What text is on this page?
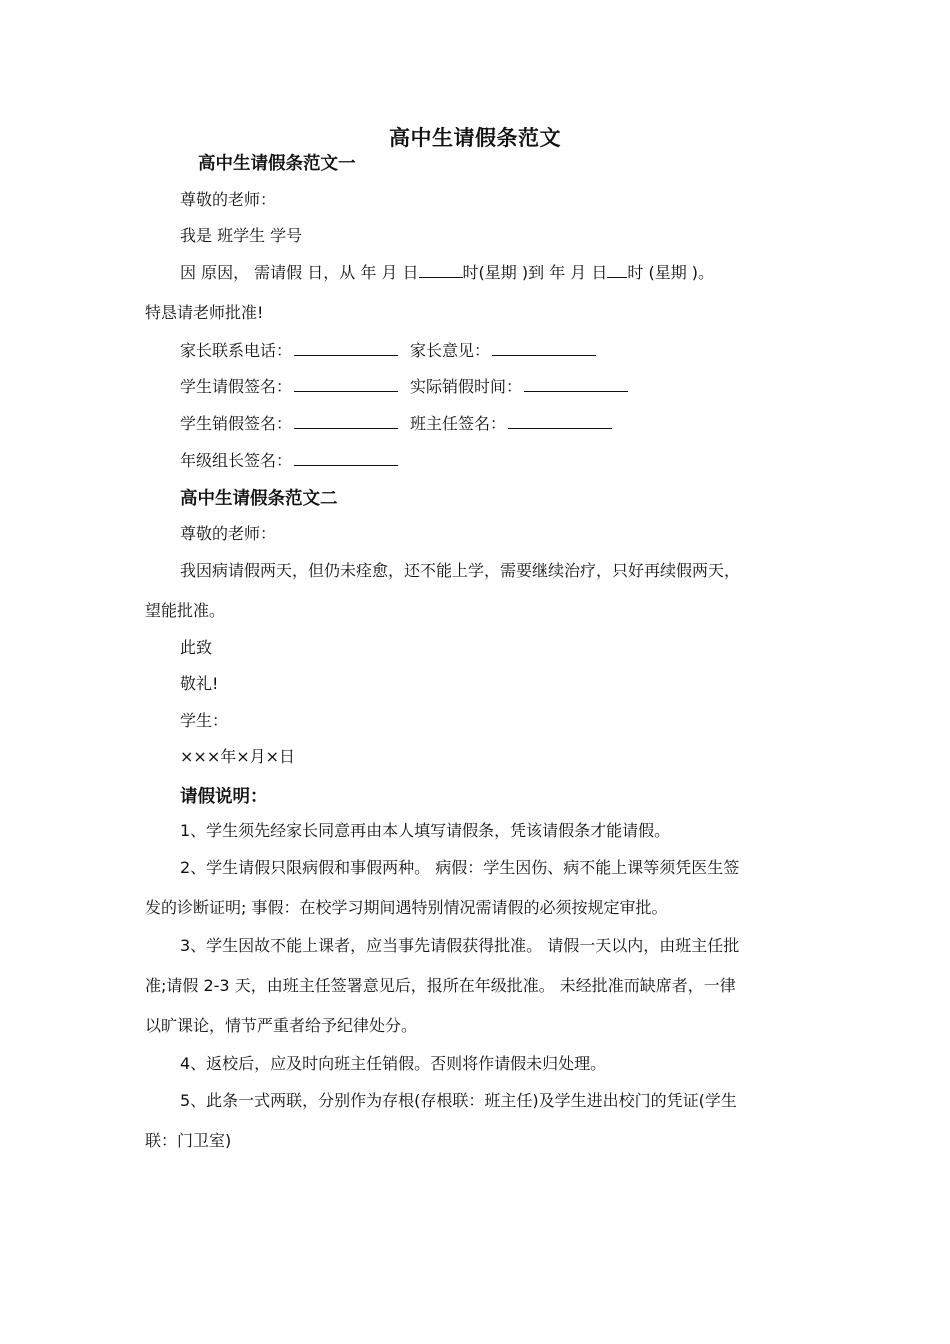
高中生请假条范文
高中生请假条范文一
尊敬的老师：
我是 班学生 学号
因 原因， 需请假 日，从 年 月 日	时(星期 )到 年 月 日 时 (星期 )。
特恳请老师批准!
家长联系电话：	家长意见：
学生请假签名：	实际销假时间：
学生销假签名：	班主任签名：
年级组长签名：
高中生请假条范文二
尊敬的老师：
我因病请假两天，但仍未痊愈，还不能上学，需要继续治疗，只好再续假两天，
望能批准。
此致
敬礼!
学生：
×××年×月×日
请假说明：
1、学生须先经家长同意再由本人填写请假条，凭该请假条才能请假。
2、学生请假只限病假和事假两种。 病假：学生因伤、病不能上课等须凭医生签
发的诊断证明; 事假：在校学习期间遇特别情况需请假的必须按规定审批。
3、学生因故不能上课者，应当事先请假获得批准。 请假一天以内，由班主任批
准;请假 2-3 天，由班主任签署意见后，报所在年级批准。 未经批准而缺席者，一律
以旷课论，情节严重者给予纪律处分。
4、返校后，应及时向班主任销假。否则将作请假未归处理。
5、此条一式两联，分别作为存根(存根联：班主任)及学生进出校门的凭证(学生
联：门卫室)
